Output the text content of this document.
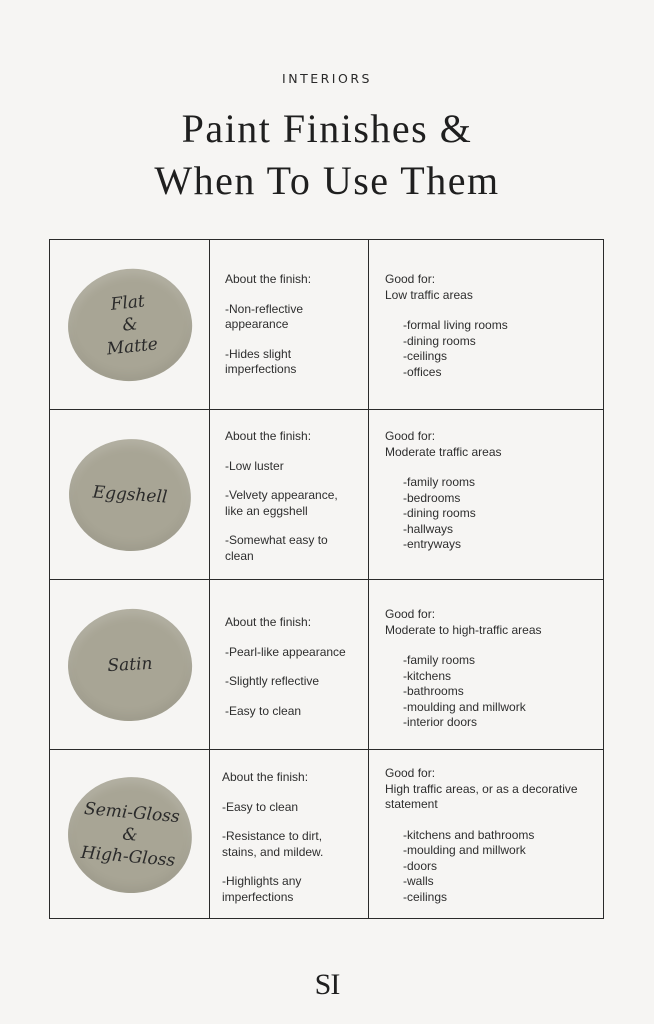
INTERIORS
Paint Finishes &
When To Use Them
Flat
&
Matte

About the finish:

-Non-reflective appearance

-Hides slight imperfections

Good for:
Low traffic areas
-formal living rooms
-dining rooms
-ceilings
-offices
Eggshell

About the finish:

-Low luster

-Velvety appearance, like an eggshell

-Somewhat easy to clean

Good for:
Moderate traffic areas
-family rooms
-bedrooms
-dining rooms
-hallways
-entryways
Satin

About the finish:

-Pearl-like appearance

-Slightly reflective

-Easy to clean

Good for:
Moderate to high-traffic areas
-family rooms
-kitchens
-bathrooms
-moulding and millwork
-interior doors
Semi-Gloss
&
High-Gloss

About the finish:

-Easy to clean

-Resistance to dirt, stains, and mildew.

-Highlights any imperfections

Good for:
High traffic areas, or as a decorative statement
-kitchens and bathrooms
-moulding and millwork
-doors
-walls
-ceilings
SI
